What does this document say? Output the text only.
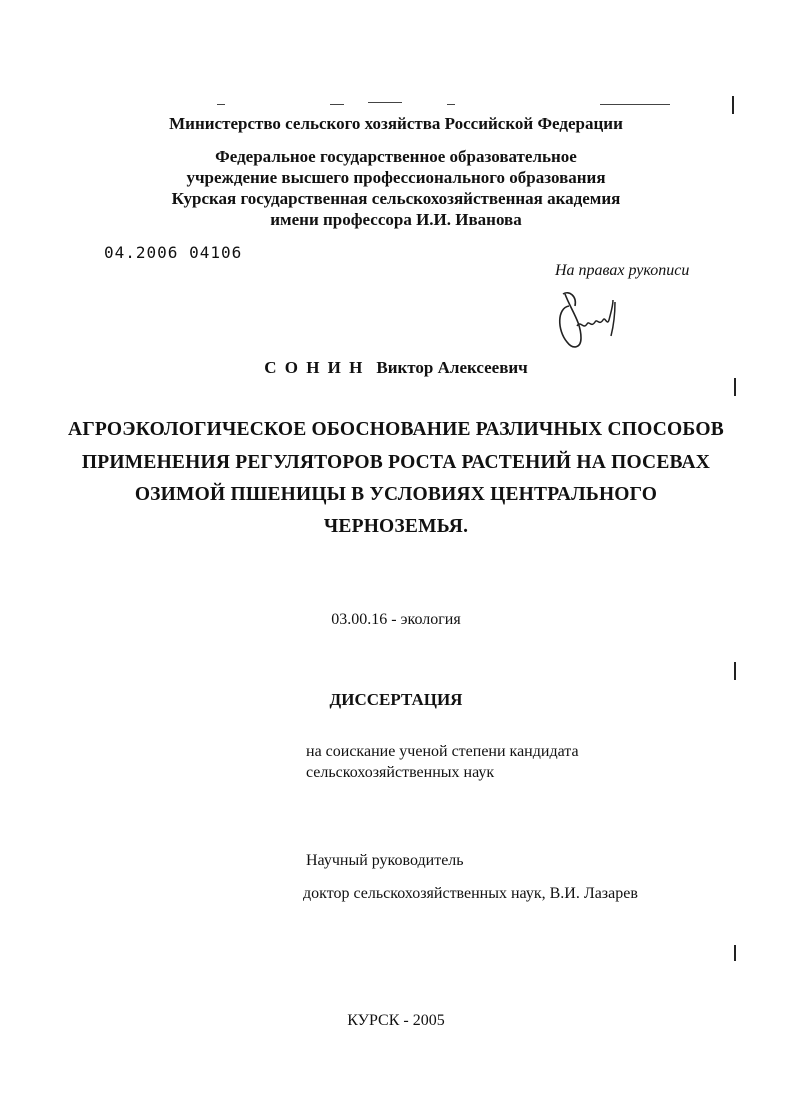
Министерство сельского хозяйства Российской Федерации
Федеральное государственное образовательное
учреждение высшего профессионального образования
Курская государственная сельскохозяйственная академия
имени профессора И.И. Иванова
04.2006 04106
На правах рукописи
С О Н И Н Виктор Алексеевич
АГРОЭКОЛОГИЧЕСКОЕ ОБОСНОВАНИЕ РАЗЛИЧНЫХ СПОСОБОВ
ПРИМЕНЕНИЯ РЕГУЛЯТОРОВ РОСТА РАСТЕНИЙ НА ПОСЕВАХ
ОЗИМОЙ ПШЕНИЦЫ В УСЛОВИЯХ ЦЕНТРАЛЬНОГО
ЧЕРНОЗЕМЬЯ.
03.00.16 - экология
ДИССЕРТАЦИЯ
на соискание ученой степени кандидата
сельскохозяйственных наук
Научный руководитель
доктор сельскохозяйственных наук, В.И. Лазарев
КУРСК - 2005
